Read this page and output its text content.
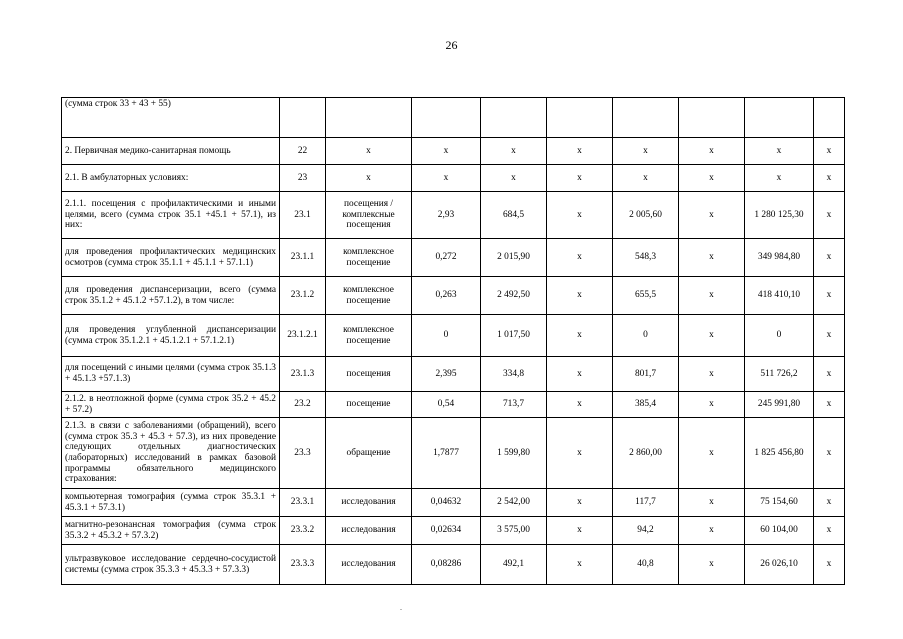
26
(сумма строк 33 + 43 + 55)									
2. Первичная медико-санитарная помощь	22	х	х	х	х	х	х	х	х
2.1. В амбулаторных условиях:	23	х	х	х	х	х	х	х	х
2.1.1. посещения с профилактическими и иными целями, всего (сумма строк 35.1 +45.1 + 57.1), из них:	23.1	посещения / комплексные посещения	2,93	684,5	х	2 005,60	х	1 280 125,30	х
для проведения профилактических медицинских осмотров (сумма строк 35.1.1 + 45.1.1 + 57.1.1)	23.1.1	комплексное посещение	0,272	2 015,90	х	548,3	х	349 984,80	х
для проведения диспансеризации, всего (сумма строк 35.1.2 + 45.1.2 +57.1.2), в том числе:	23.1.2	комплексное посещение	0,263	2 492,50	х	655,5	х	418 410,10	х
для проведения углубленной диспансеризации (сумма строк 35.1.2.1 + 45.1.2.1 + 57.1.2.1)	23.1.2.1	комплексное посещение	0	1 017,50	х	0	х	0	х
для посещений с иными целями (сумма строк 35.1.3 + 45.1.3 +57.1.3)	23.1.3	посещения	2,395	334,8	х	801,7	х	511 726,2	х
2.1.2. в неотложной форме (сумма строк 35.2 + 45.2 + 57.2)	23.2	посещение	0,54	713,7	х	385,4	х	245 991,80	х
2.1.3. в связи с заболеваниями (обращений), всего (сумма строк 35.3 + 45.3 + 57.3), из них проведение следующих отдельных диагностических (лабораторных) исследований в рамках базовой программы обязательного медицинского страхования:	23.3	обращение	1,7877	1 599,80	х	2 860,00	х	1 825 456,80	х
компьютерная томография (сумма строк 35.3.1 + 45.3.1 + 57.3.1)	23.3.1	исследования	0,04632	2 542,00	х	117,7	х	75 154,60	х
магнитно-резонансная томография (сумма строк 35.3.2 + 45.3.2 + 57.3.2)	23.3.2	исследования	0,02634	3 575,00	х	94,2	х	60 104,00	х
ультразвуковое исследование сердечно-сосудистой системы (сумма строк 35.3.3 + 45.3.3 + 57.3.3)	23.3.3	исследования	0,08286	492,1	х	40,8	х	26 026,10	х
